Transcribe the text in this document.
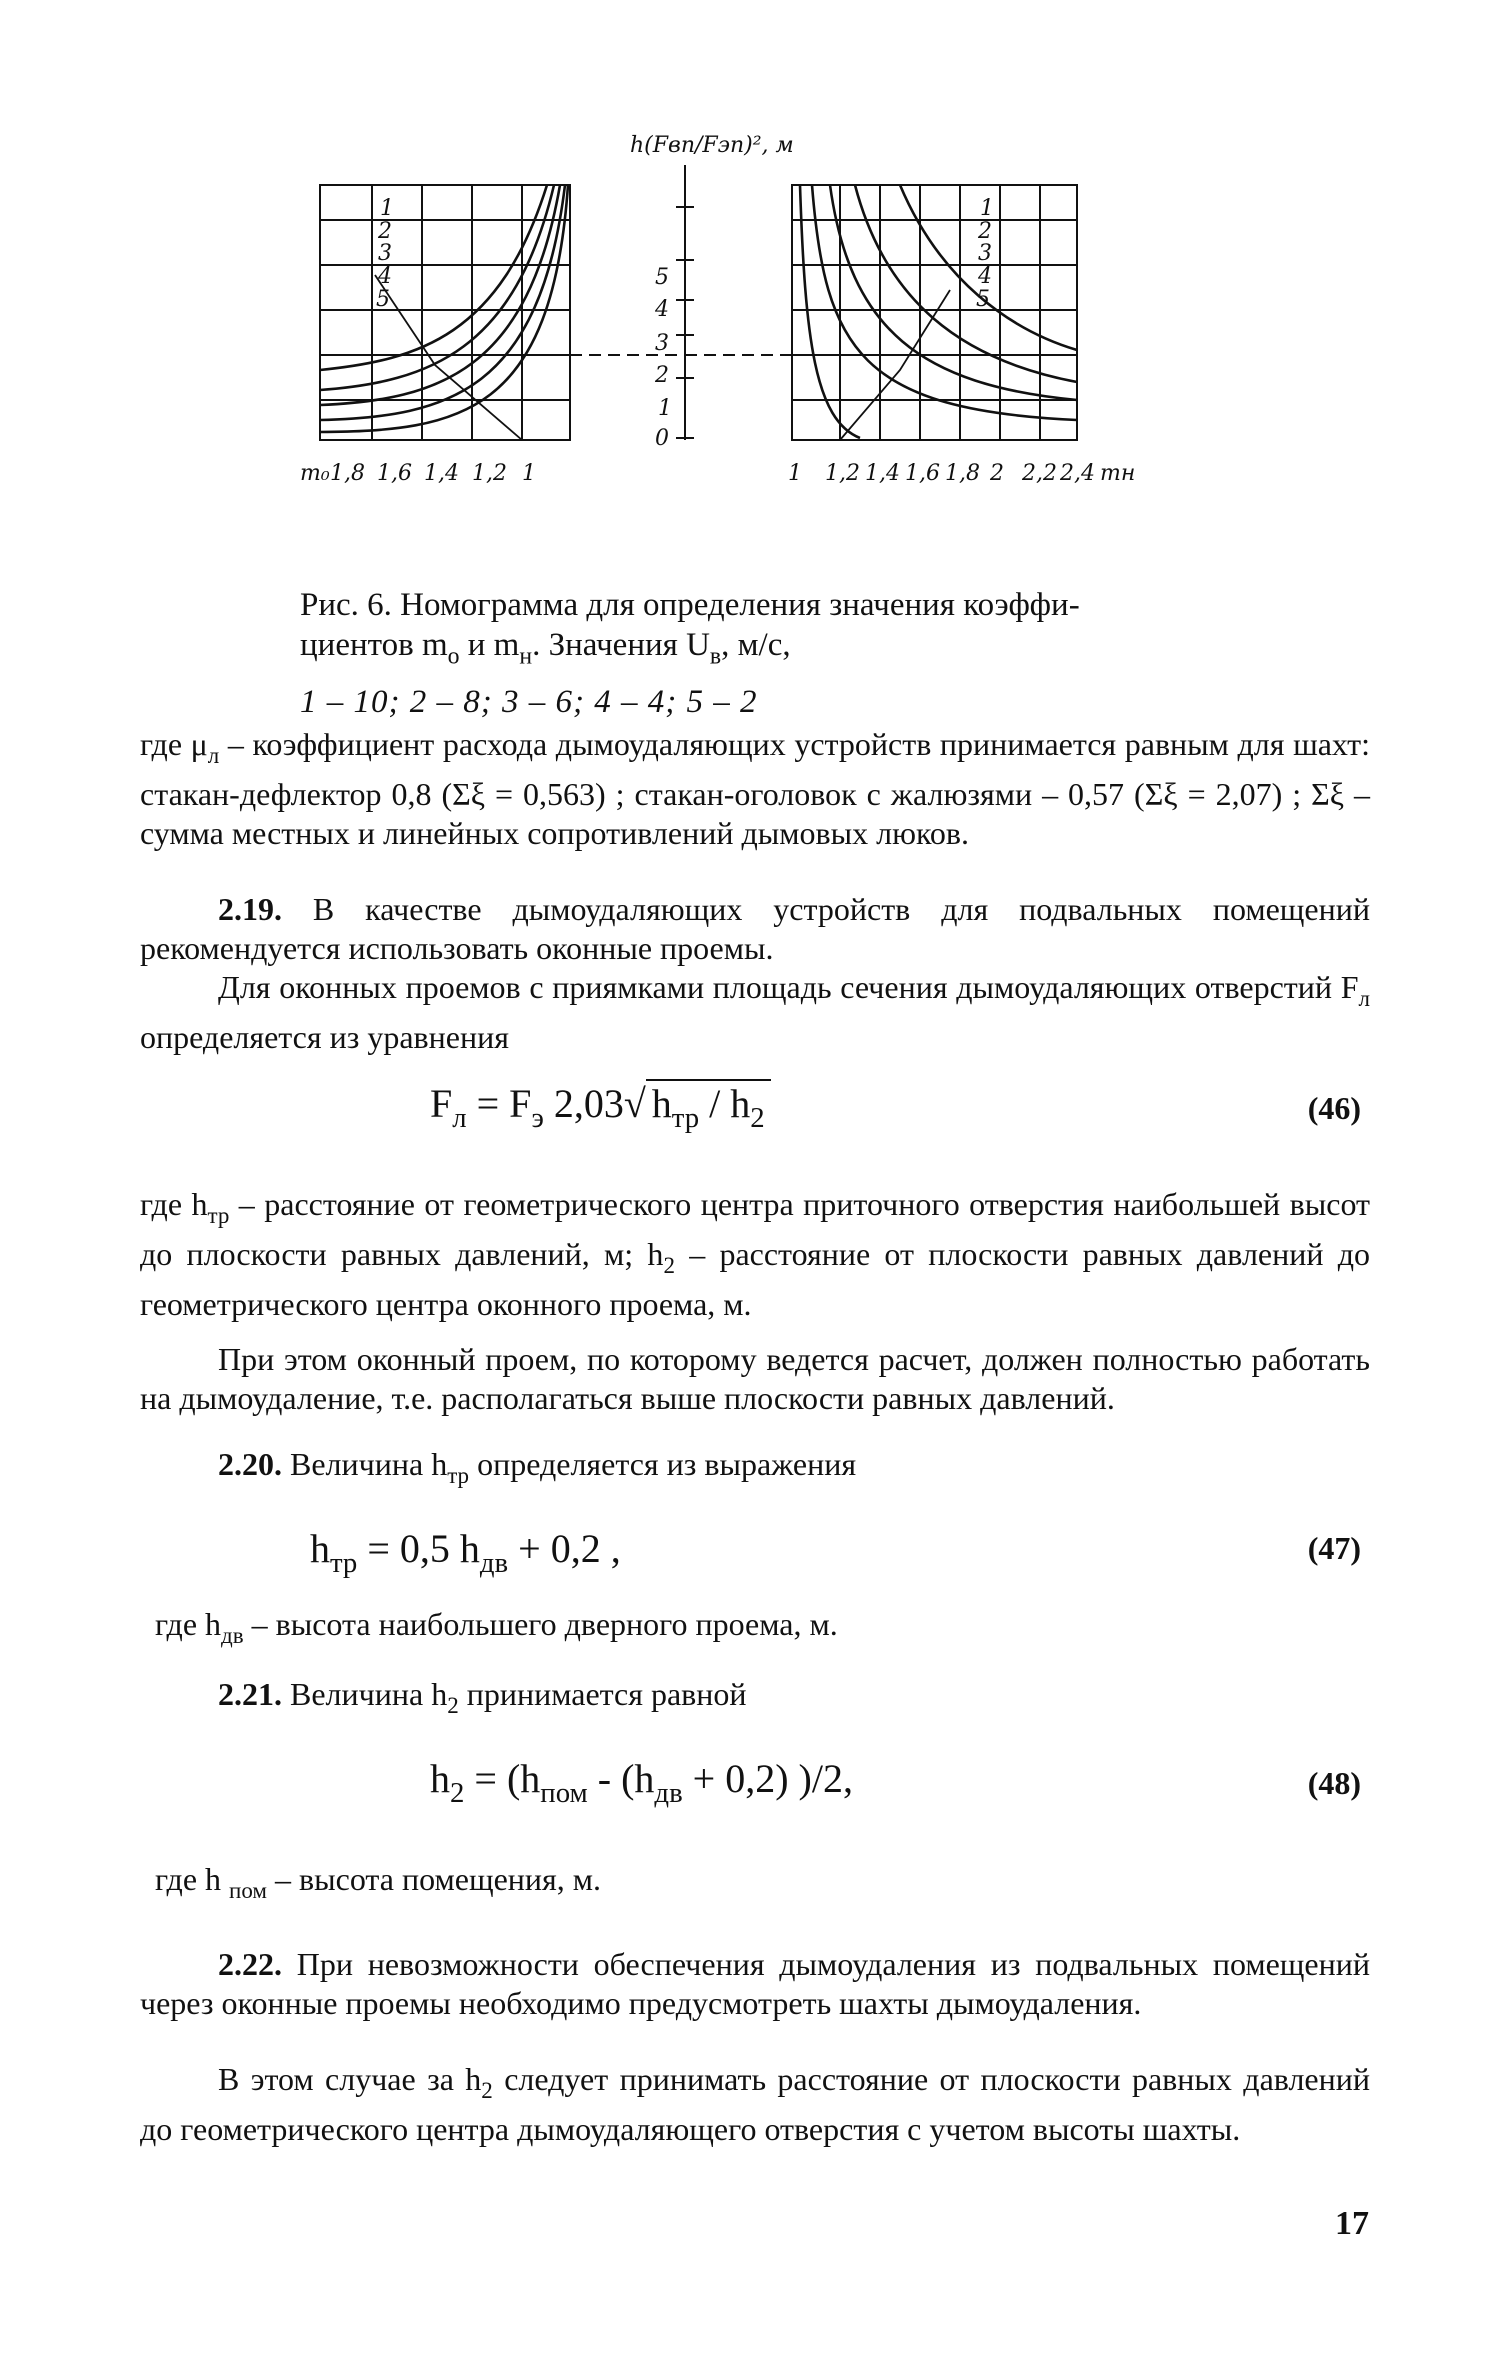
1
2
3
4
5
1
2
3
4
5
5
4
3
2
1
0
h(Fвп/Fэп)², м
m₀ 1,8 1,6 1,4 1,2 1	1 1,2 1,4 1,6 1,8 2 2,2 2,4 mн
Рис. 6. Номограмма для определения значения коэффи-
циентов $m_о$ и $m_н$. Значения $U_в$, м/с,
1 – 10; 2 – 8; 3 – 6; 4 – 4; 5 – 2
где $\mu_л$ – коэффициент расхода дымоудаляющих устройств принимается равным для шахт: стакан-дефлектор 0,8 (Σξ = 0,563) ; стакан-оголовок с жалюзями – 0,57 (Σξ = 2,07) ; Σξ – сумма местных и линейных сопротивлений дымовых люков.
2.19. В качестве дымоудаляющих устройств для подвальных помещений рекомендуется использовать оконные проемы.
Для оконных проемов с приямками площадь сечения дымоудаляющих отверстий $F_л$ определяется из уравнения
$F_л = F_э$ 2,03√ $h_{тр} / h_2$	(46)
где $h_{тр}$ – расстояние от геометрического центра приточного отверстия наибольшей высот до плоскости равных давлений, м; $h_2$ – расстояние от плоскости равных давлений до геометрического центра оконного проема, м.
При этом оконный проем, по которому ведется расчет, должен полностью работать на дымоудаление, т.е. располагаться выше плоскости равных давлений.
2.20. Величина $h_{тр}$ определяется из выражения
$h_{тр} = 0,5$ $h_{дв} + 0,2$ ,	(47)
где $h_{дв}$ – высота наибольшего дверного проема, м.
2.21. Величина $h_2$ принимается равной
$h_2 = (h_{пом} - (h_{дв} + 0,2)$ )/2,	(48)
где h $_{пом}$ – высота помещения, м.
2.22. При невозможности обеспечения дымоудаления из подвальных помещений через оконные проемы необходимо предусмотреть шахты дымоудаления.
В этом случае за $h_2$ следует принимать расстояние от плоскости равных давлений до геометрического центра дымоудаляющего отверстия с учетом высоты шахты.
17
